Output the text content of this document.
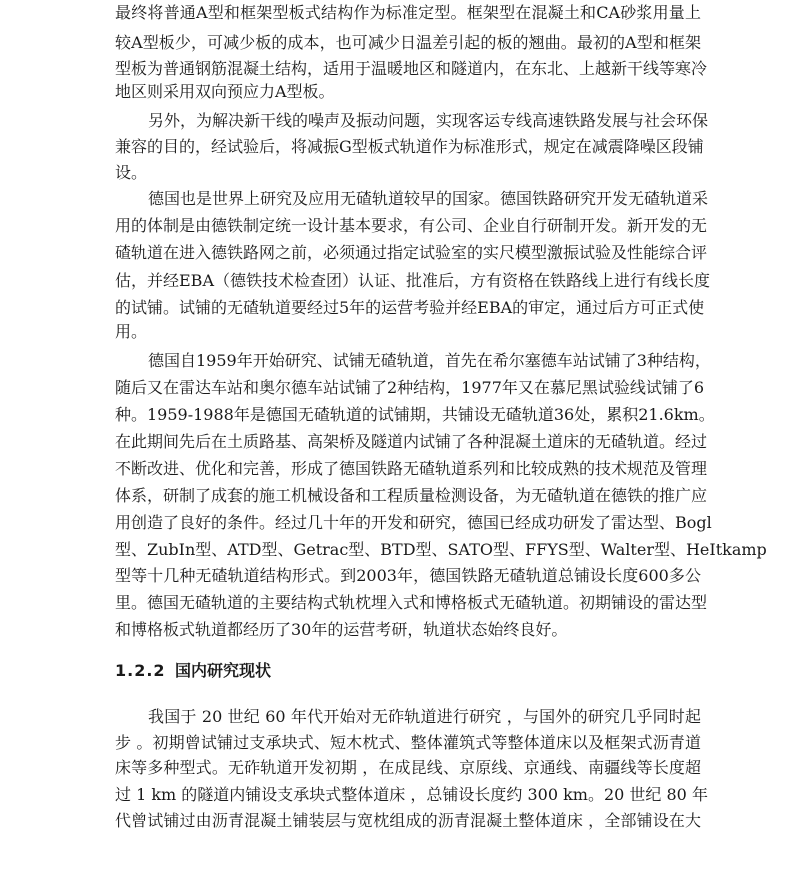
最终将普通A型和框架型板式结构作为标准定型。框架型在混凝土和CA砂浆用量上
较A型板少，可减少板的成本，也可减少日温差引起的板的翘曲。最初的A型和框架
型板为普通钢筋混凝土结构，适用于温暖地区和隧道内，在东北、上越新干线等寒冷
地区则采用双向预应力A型板。
另外，为解决新干线的噪声及振动问题，实现客运专线高速铁路发展与社会环保
兼容的目的，经试验后，将减振G型板式轨道作为标准形式，规定在减震降噪区段铺
设。
德国也是世界上研究及应用无碴轨道较早的国家。德国铁路研究开发无碴轨道采
用的体制是由德铁制定统一设计基本要求，有公司、企业自行研制开发。新开发的无
碴轨道在进入德铁路网之前，必须通过指定试验室的实尺模型激振试验及性能综合评
估，并经EBA（德铁技术检查团）认证、批准后，方有资格在铁路线上进行有线长度
的试铺。试铺的无碴轨道要经过5年的运营考验并经EBA的审定，通过后方可正式使
用。
德国自1959年开始研究、试铺无碴轨道，首先在希尔塞德车站试铺了3种结构，
随后又在雷达车站和奥尔德车站试铺了2种结构，1977年又在慕尼黑试验线试铺了6
种。1959-1988年是德国无碴轨道的试铺期，共铺设无碴轨道36处，累积21.6km。
在此期间先后在土质路基、高架桥及隧道内试铺了各种混凝土道床的无碴轨道。经过
不断改进、优化和完善，形成了德国铁路无碴轨道系列和比较成熟的技术规范及管理
体系，研制了成套的施工机械设备和工程质量检测设备，为无碴轨道在德铁的推广应
用创造了良好的条件。经过几十年的开发和研究，德国已经成功研发了雷达型、Bogl
型、ZubⅠn型、ATD型、Getrac型、BTD型、SATO型、FFYS型、Walter型、HeⅠtkamp
型等十几种无碴轨道结构形式。到2003年，德国铁路无碴轨道总铺设长度600多公
里。德国无碴轨道的主要结构式轨枕埋入式和博格板式无碴轨道。初期铺设的雷达型
和博格板式轨道都经历了30年的运营考研，轨道状态始终良好。
1.2.2 国内研究现状
我国于 20 世纪 60 年代开始对无砟轨道进行研究 ，与国外的研究几乎同时起
步 。初期曾试铺过支承块式、短木枕式、整体灌筑式等整体道床以及框架式沥青道
床等多种型式。无砟轨道开发初期 ，在成昆线、京原线、京通线、南疆线等长度超
过 1 km 的隧道内铺设支承块式整体道床 ，总铺设长度约 300 km。20 世纪 80 年
代曾试铺过由沥青混凝土铺装层与宽枕组成的沥青混凝土整体道床 ，全部铺设在大
